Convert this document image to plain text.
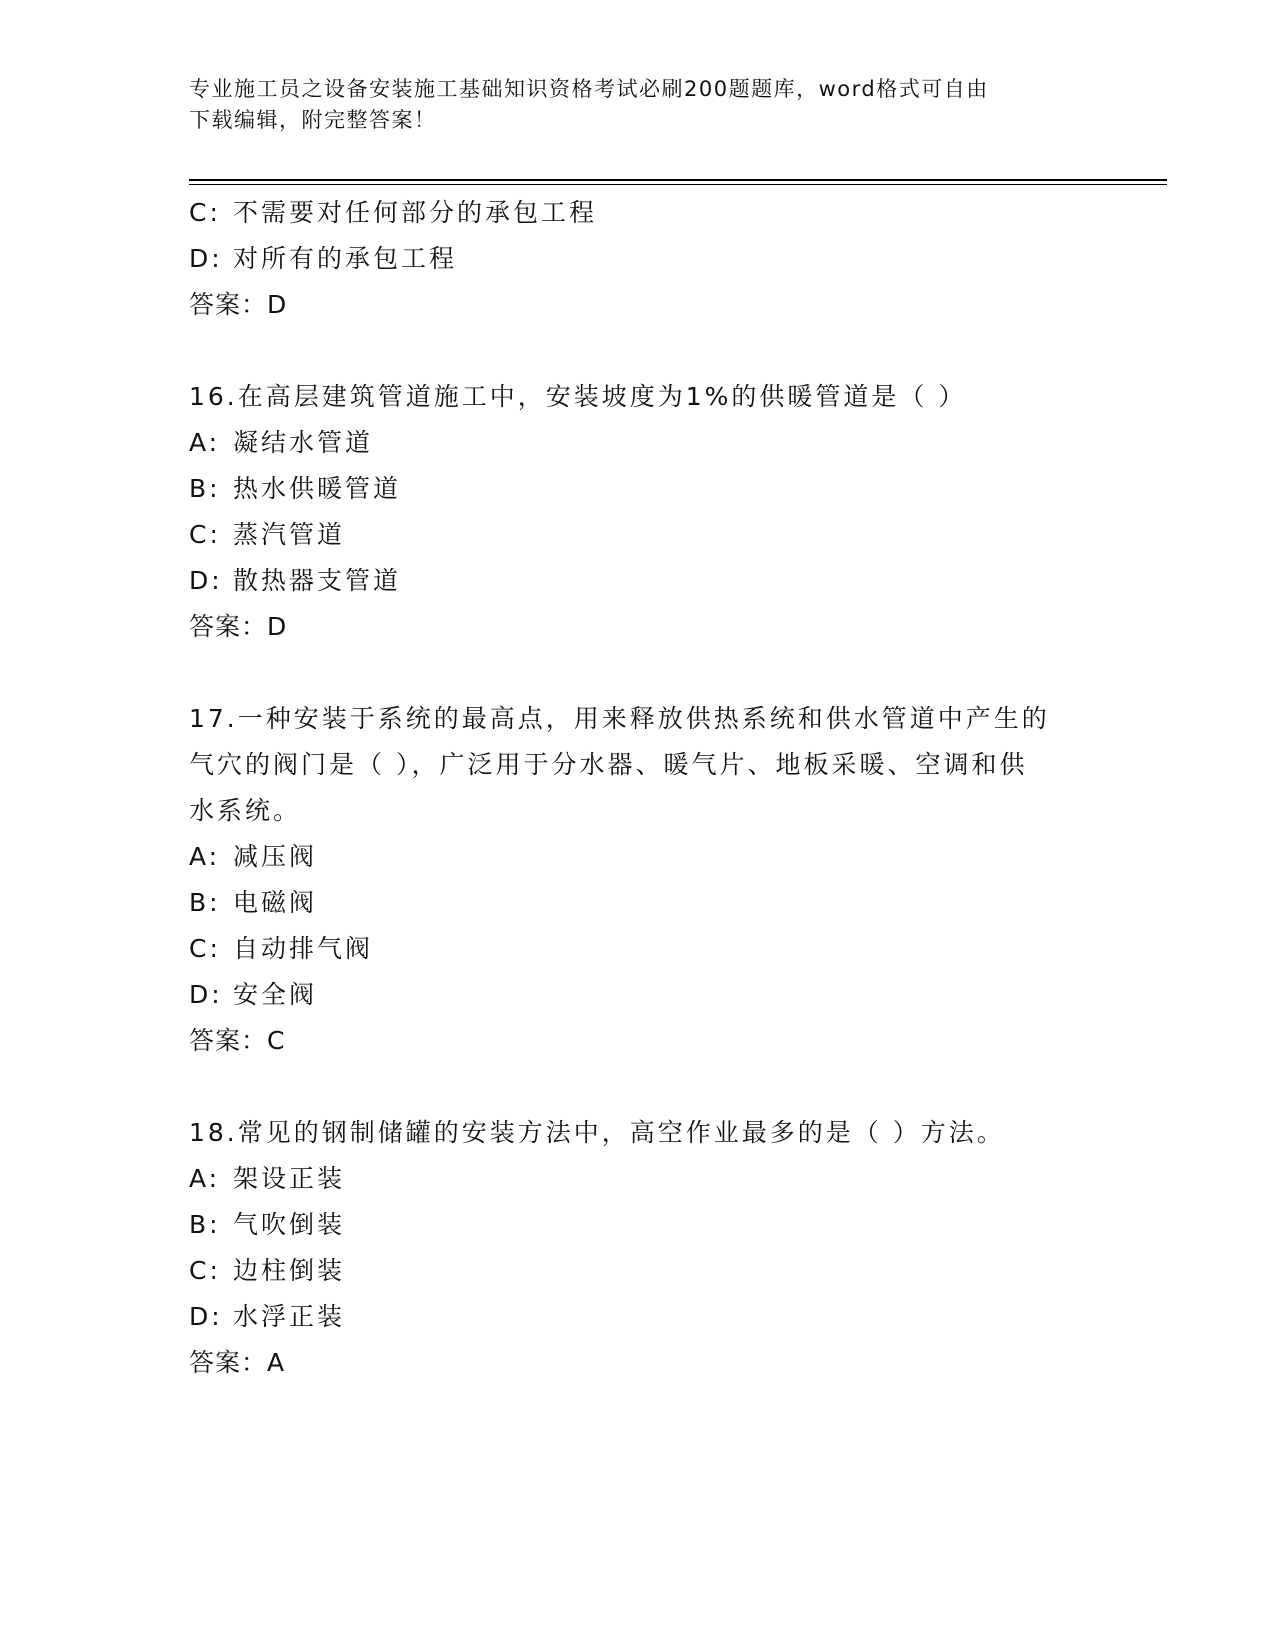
专业施工员之设备安装施工基础知识资格考试必刷200题题库，word格式可自由
下载编辑，附完整答案！
C: 不需要对任何部分的承包工程
D: 对所有的承包工程
答案：D
16.在高层建筑管道施工中，安装坡度为1%的供暖管道是（ ）
A: 凝结水管道
B: 热水供暖管道
C: 蒸汽管道
D: 散热器支管道
答案：D
17.一种安装于系统的最高点，用来释放供热系统和供水管道中产生的
气穴的阀门是（ ），广泛用于分水器、暖气片、地板采暖、空调和供
水系统。
A: 减压阀
B: 电磁阀
C: 自动排气阀
D: 安全阀
答案：C
18.常见的钢制储罐的安装方法中，高空作业最多的是（ ）方法。
A: 架设正装
B: 气吹倒装
C: 边柱倒装
D: 水浮正装
答案：A
